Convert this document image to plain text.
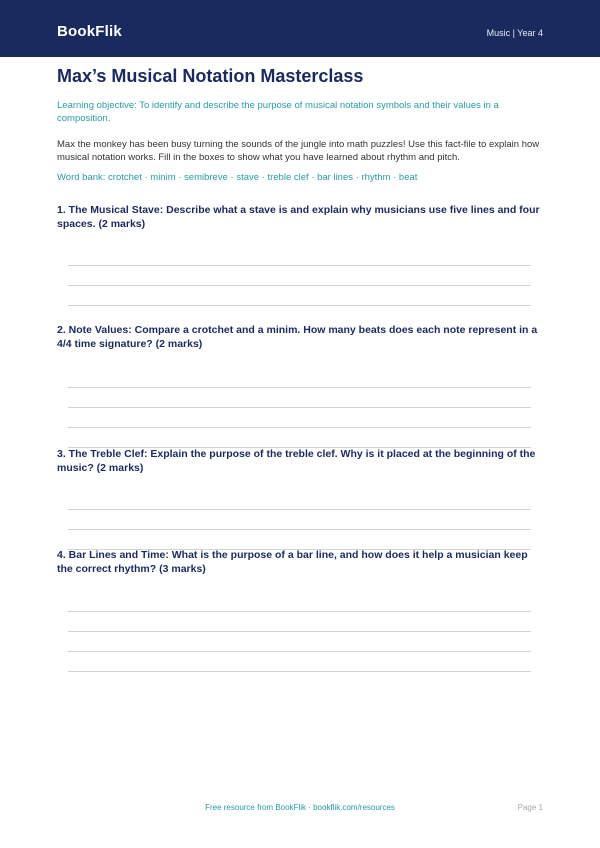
BookFlik	Music | Year 4
Max’s Musical Notation Masterclass
Learning objective: To identify and describe the purpose of musical notation symbols and their values in a composition.
Max the monkey has been busy turning the sounds of the jungle into math puzzles! Use this fact-file to explain how musical notation works. Fill in the boxes to show what you have learned about rhythm and pitch.
Word bank: crotchet · minim · semibreve · stave · treble clef · bar lines · rhythm · beat
1. The Musical Stave: Describe what a stave is and explain why musicians use five lines and four spaces. (2 marks)
2. Note Values: Compare a crotchet and a minim. How many beats does each note represent in a 4/4 time signature? (2 marks)
3. The Treble Clef: Explain the purpose of the treble clef. Why is it placed at the beginning of the music? (2 marks)
4. Bar Lines and Time: What is the purpose of a bar line, and how does it help a musician keep the correct rhythm? (3 marks)
Free resource from BookFlik · bookflik.com/resources	Page 1
